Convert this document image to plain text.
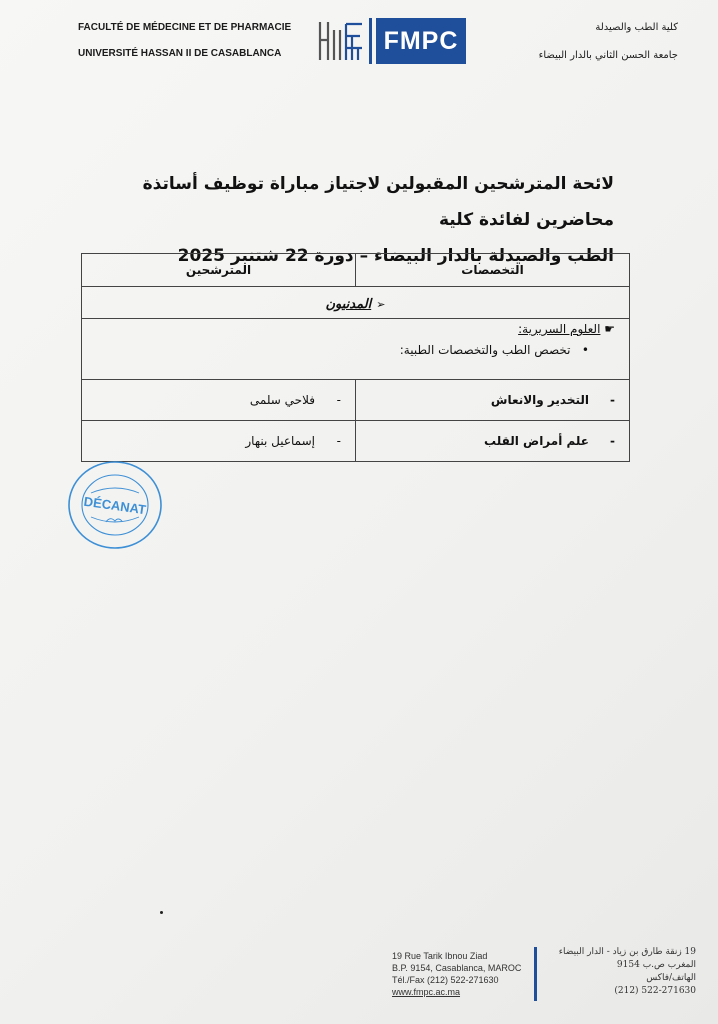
FACULTÉ DE MÉDECINE ET DE PHARMACIE
UNIVERSITÉ HASSAN II DE CASABLANCA	FMPC	كلية الطب والصيدلة
جامعة الحسن الثاني بالدار البيضاء
لائحة المترشحين المقبولين لاجتياز مباراة توظيف أساتذة محاضرين لفائدة كلية
الطب والصيدلة بالدار البيضاء – دورة 22 شتنبر 2025
التخصصات	المترشحين
➢ المدنيون	

☛ العلوم السريرية:
•   تخصص الطب والتخصصات الطبية:	

-التخدير والانعاش	-فلاحي سلمى
-علم أمراض القلب	-إسماعيل بنهار
DÉCANAT
19 Rue Tarik Ibnou Ziad
B.P. 9154, Casablanca, MAROC
Tél./Fax (212) 522-271630
www.fmpc.ac.ma
19 زنقة طارق بن زياد - الدار البيضاء
المغرب ص.ب 9154
الهاتف/فاكس
(212) 522-271630
